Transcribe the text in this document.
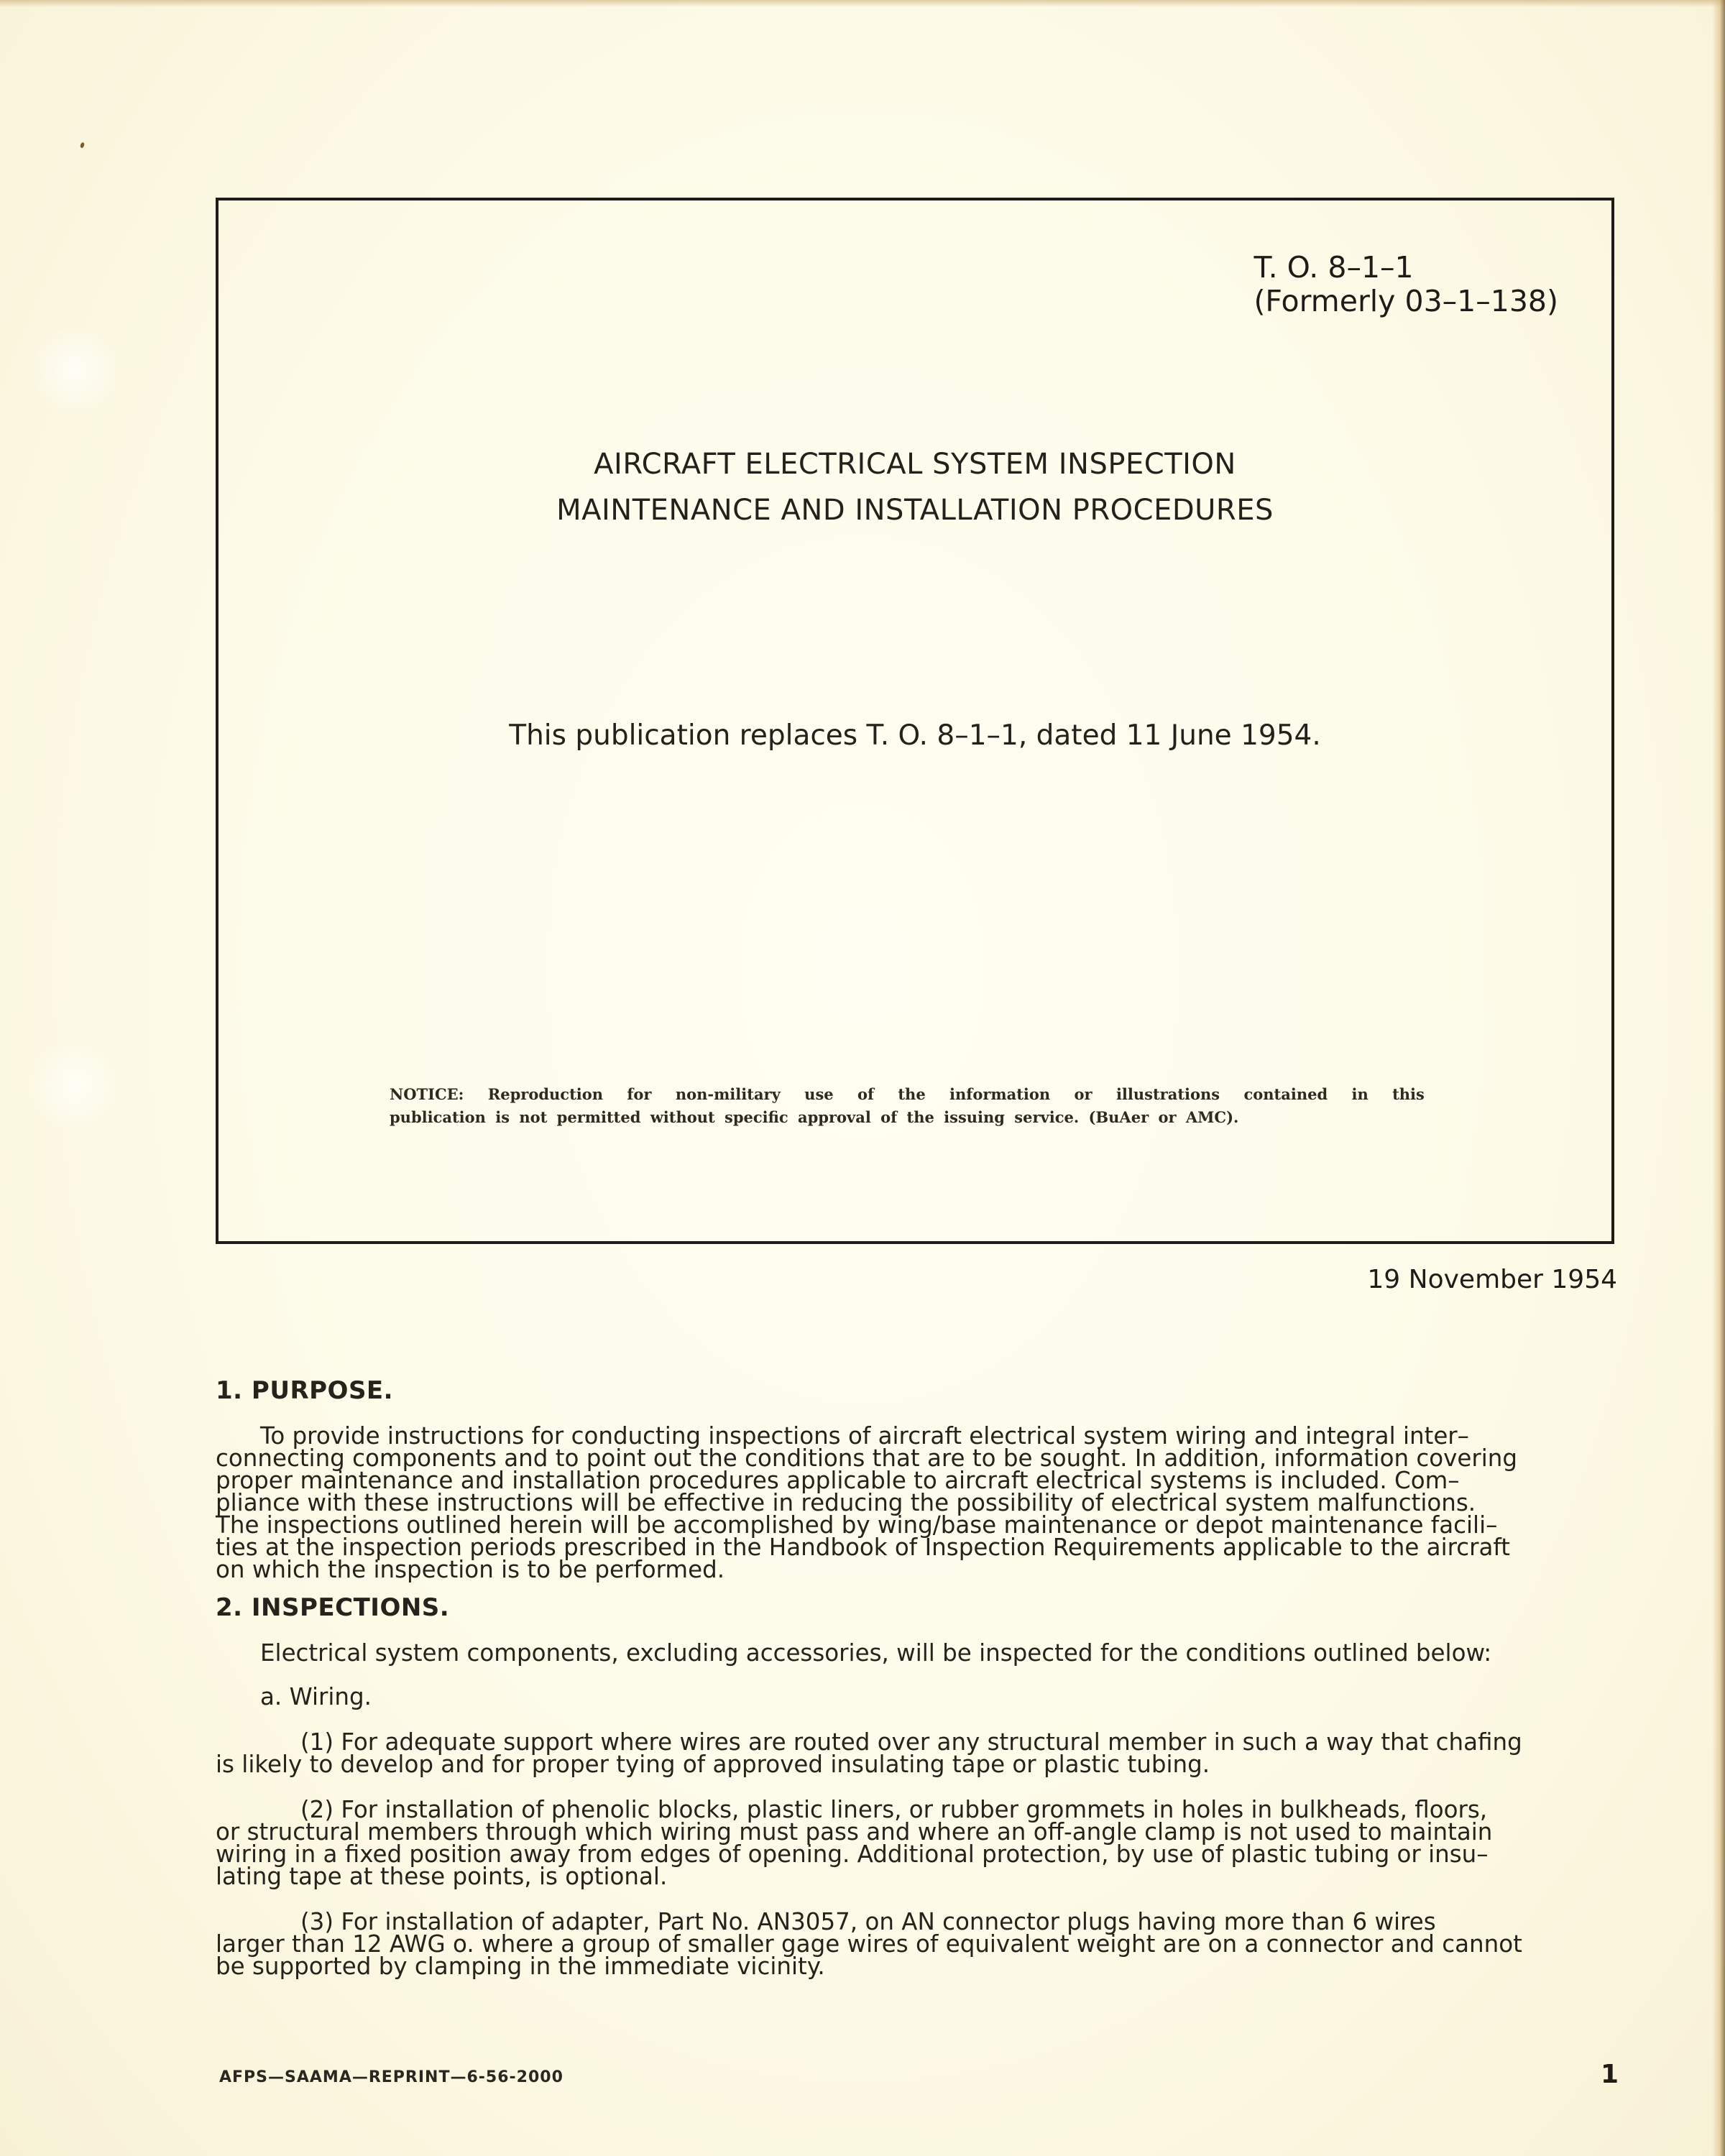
T. O. 8–1–1
(Formerly 03–1–138)
AIRCRAFT ELECTRICAL SYSTEM INSPECTION
MAINTENANCE AND INSTALLATION PROCEDURES
This publication replaces T. O. 8–1–1, dated 11 June 1954.
NOTICE: Reproduction for non-military use of the information or illustrations contained in this
publication is not permitted without specific approval of the issuing service. (BuAer or AMC).
19 November 1954
1. PURPOSE.
To provide instructions for conducting inspections of aircraft electrical system wiring and integral inter–
connecting components and to point out the conditions that are to be sought. In addition, information covering
proper maintenance and installation procedures applicable to aircraft electrical systems is included. Com–
pliance with these instructions will be effective in reducing the possibility of electrical system malfunctions.
The inspections outlined herein will be accomplished by wing/base maintenance or depot maintenance facili–
ties at the inspection periods prescribed in the Handbook of Inspection Requirements applicable to the aircraft
on which the inspection is to be performed.
2. INSPECTIONS.
Electrical system components, excluding accessories, will be inspected for the conditions outlined below:
a. Wiring.
(1) For adequate support where wires are routed over any structural member in such a way that chafing
is likely to develop and for proper tying of approved insulating tape or plastic tubing.
(2) For installation of phenolic blocks, plastic liners, or rubber grommets in holes in bulkheads, floors,
or structural members through which wiring must pass and where an off-angle clamp is not used to maintain
wiring in a fixed position away from edges of opening. Additional protection, by use of plastic tubing or insu–
lating tape at these points, is optional.
(3) For installation of adapter, Part No. AN3057, on AN connector plugs having more than 6 wires
larger than 12 AWG o. where a group of smaller gage wires of equivalent weight are on a connector and cannot
be supported by clamping in the immediate vicinity.
AFPS—SAAMA—REPRINT—6-56-2000	1
